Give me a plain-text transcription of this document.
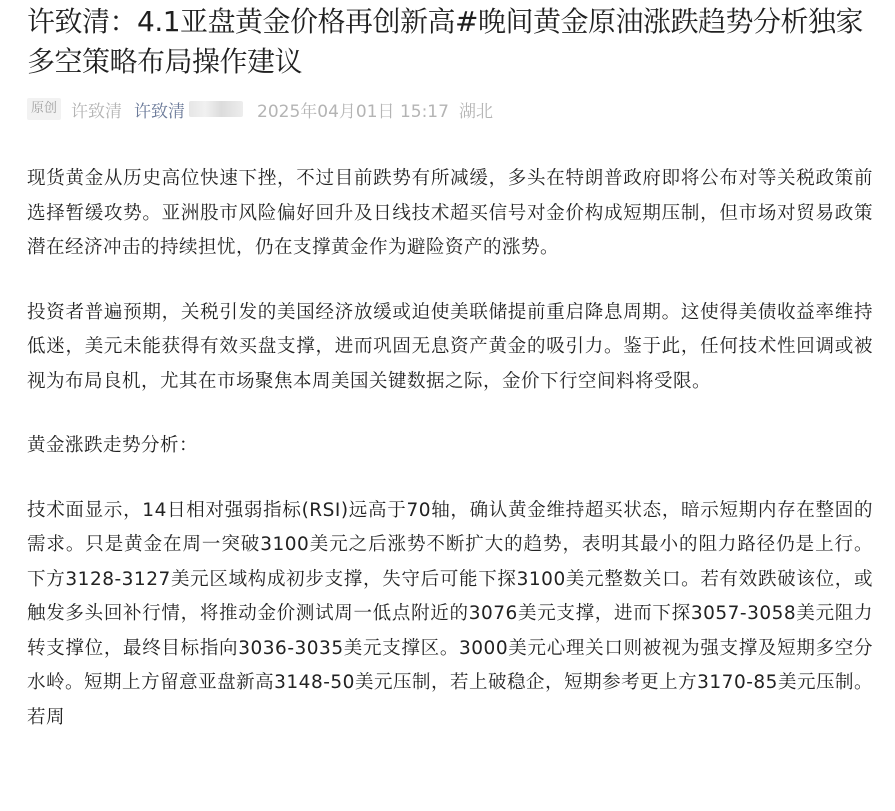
许致清：4.1亚盘黄金价格再创新高#晚间黄金原油涨跌趋势分析独家多空策略布局操作建议
原创 许致清 许致清	2025年04月01日 15:17 湖北

现货黄金从历史高位快速下挫，不过目前跌势有所减缓，多头在特朗普政府即将公布对等关税政策前选择暂缓攻势。亚洲股市风险偏好回升及日线技术超买信号对金价构成短期压制，但市场对贸易政策潜在经济冲击的持续担忧，仍在支撑黄金作为避险资产的涨势。

投资者普遍预期，关税引发的美国经济放缓或迫使美联储提前重启降息周期。这使得美债收益率维持低迷，美元未能获得有效买盘支撑，进而巩固无息资产黄金的吸引力。鉴于此，任何技术性回调或被视为布局良机，尤其在市场聚焦本周美国关键数据之际，金价下行空间料将受限。

黄金涨跌走势分析：

技术面显示，14日相对强弱指标(RSI)远高于70轴，确认黄金维持超买状态，暗示短期内存在整固的需求。只是黄金在周一突破3100美元之后涨势不断扩大的趋势，表明其最小的阻力路径仍是上行。下方3128-3127美元区域构成初步支撑，失守后可能下探3100美元整数关口。若有效跌破该位，或触发多头回补行情，将推动金价测试周一低点附近的3076美元支撑，进而下探3057-3058美元阻力转支撑位，最终目标指向3036-3035美元支撑区。3000美元心理关口则被视为强支撑及短期多空分水岭。短期上方留意亚盘新高3148-50美元压制，若上破稳企，短期参考更上方3170-85美元压制。若周
